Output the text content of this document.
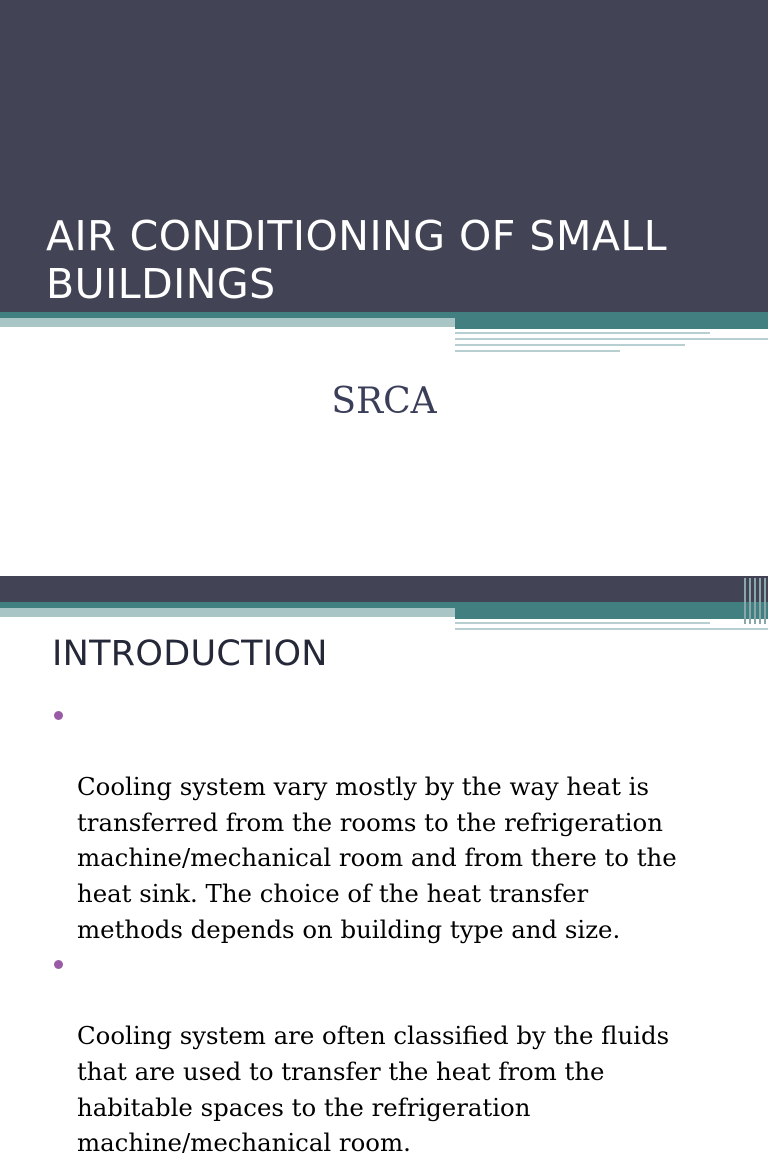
AIR CONDITIONING OF SMALL BUILDINGS
SRCA
INTRODUCTION

Cooling system vary mostly by the way heat is
transferred from the rooms to the refrigeration
machine/mechanical room and from there to the
heat sink. The choice of the heat transfer
methods depends on building type and size.

Cooling system are often classified by the fluids
that are used to transfer the heat from the
habitable spaces to the refrigeration
machine/mechanical room.
